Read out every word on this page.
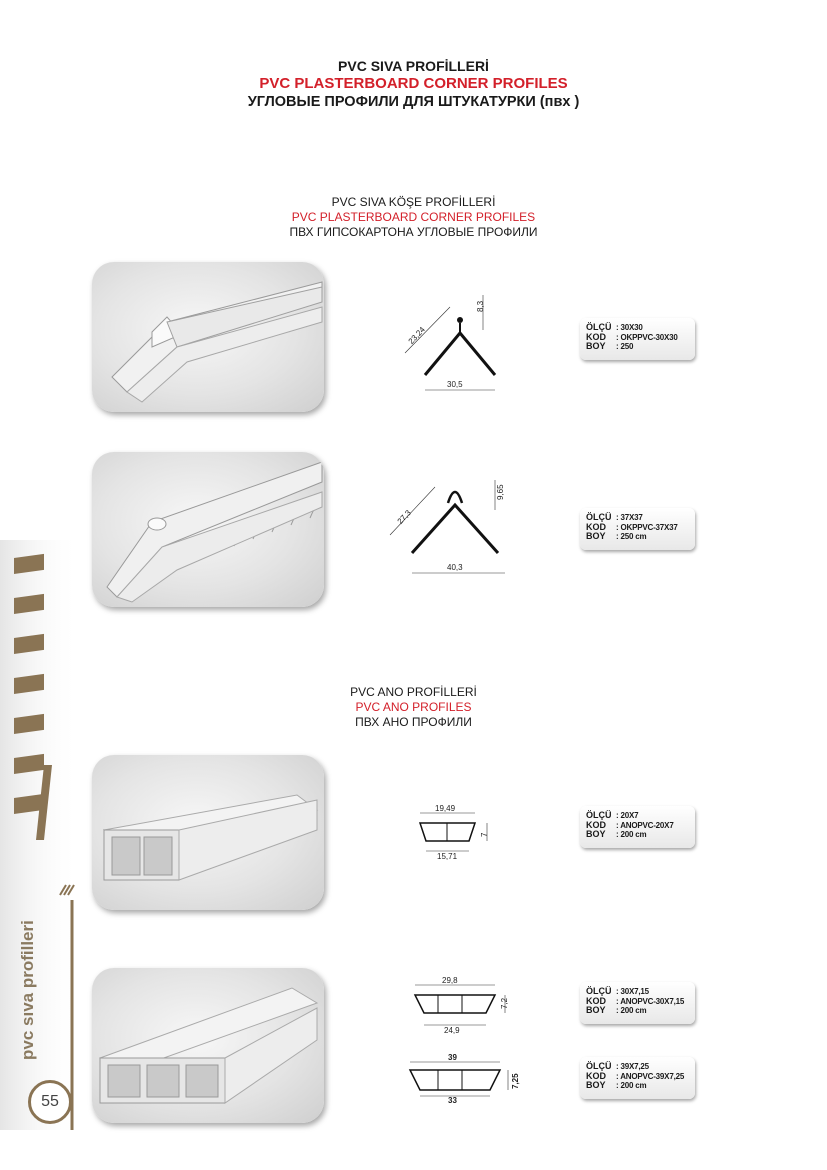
PVC SIVA PROFİLLERİ
PVC PLASTERBOARD CORNER PROFILES
УГЛОВЫЕ ПРОФИЛИ ДЛЯ ШТУКАТУРКИ (пвх )
PVC SIVA KÖŞE PROFİLLERİ
PVC PLASTERBOARD CORNER PROFILES
ПВХ ГИПСОКАРТОНА УГЛОВЫЕ ПРОФИЛИ
PVC ANO PROFİLLERİ
PVC ANO PROFILES
ПВХ АНО ПРОФИЛИ
pvc sıva profilleri
55
30,5
23,24
8,3
ÖLÇÜ : 30X30
KOD : OKPPVC-30X30
BOY : 250
40,3
27,3
9,65
ÖLÇÜ : 37X37
KOD : OKPPVC-37X37
BOY : 250 cm
19,49
15,71
7
ÖLÇÜ : 20X7
KOD : ANOPVC-20X7
BOY : 200 cm
29,8
24,9
7,2
ÖLÇÜ : 30X7,15
KOD : ANOPVC-30X7,15
BOY : 200 cm
39
33
7,25
ÖLÇÜ : 39X7,25
KOD : ANOPVC-39X7,25
BOY : 200 cm
